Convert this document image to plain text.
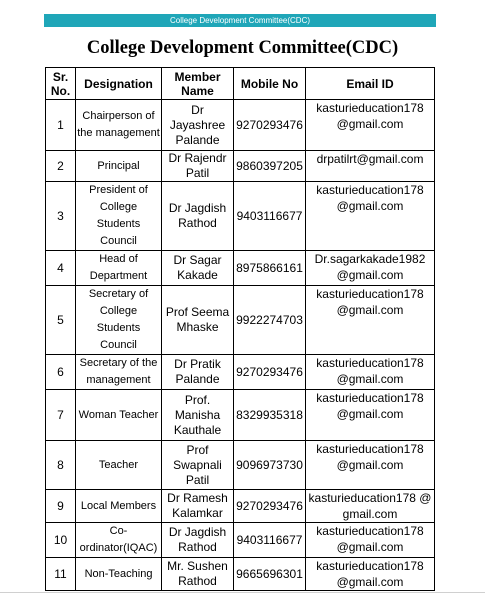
College Development Committee(CDC)
College Development Committee(CDC)
Sr. No.	Designation	Member Name	Mobile No	Email ID
1	Chairperson of the management	Dr Jayashree Palande	9270293476	kasturieducation178 @gmail.com
2	Principal	Dr Rajendr Patil	9860397205	drpatilrt@gmail.com
3	President of College Students Council	Dr Jagdish Rathod	9403116677	kasturieducation178 @gmail.com
4	Head of Department	Dr Sagar Kakade	8975866161	Dr.sagarkakade1982 @gmail.com
5	Secretary of College Students Council	Prof Seema Mhaske	9922274703	kasturieducation178 @gmail.com
6	Secretary of the management	Dr Pratik Palande	9270293476	kasturieducation178 @gmail.com
7	Woman Teacher	Prof. Manisha Kauthale	8329935318	kasturieducation178 @gmail.com
8	Teacher	Prof Swapnali Patil	9096973730	kasturieducation178 @gmail.com
9	Local Members	Dr Ramesh Kalamkar	9270293476	kasturieducation178 @ gmail.com
10	Co-ordinator(IQAC)	Dr Jagdish Rathod	9403116677	kasturieducation178 @gmail.com
11	Non-Teaching	Mr. Sushen Rathod	9665696301	kasturieducation178 @gmail.com
